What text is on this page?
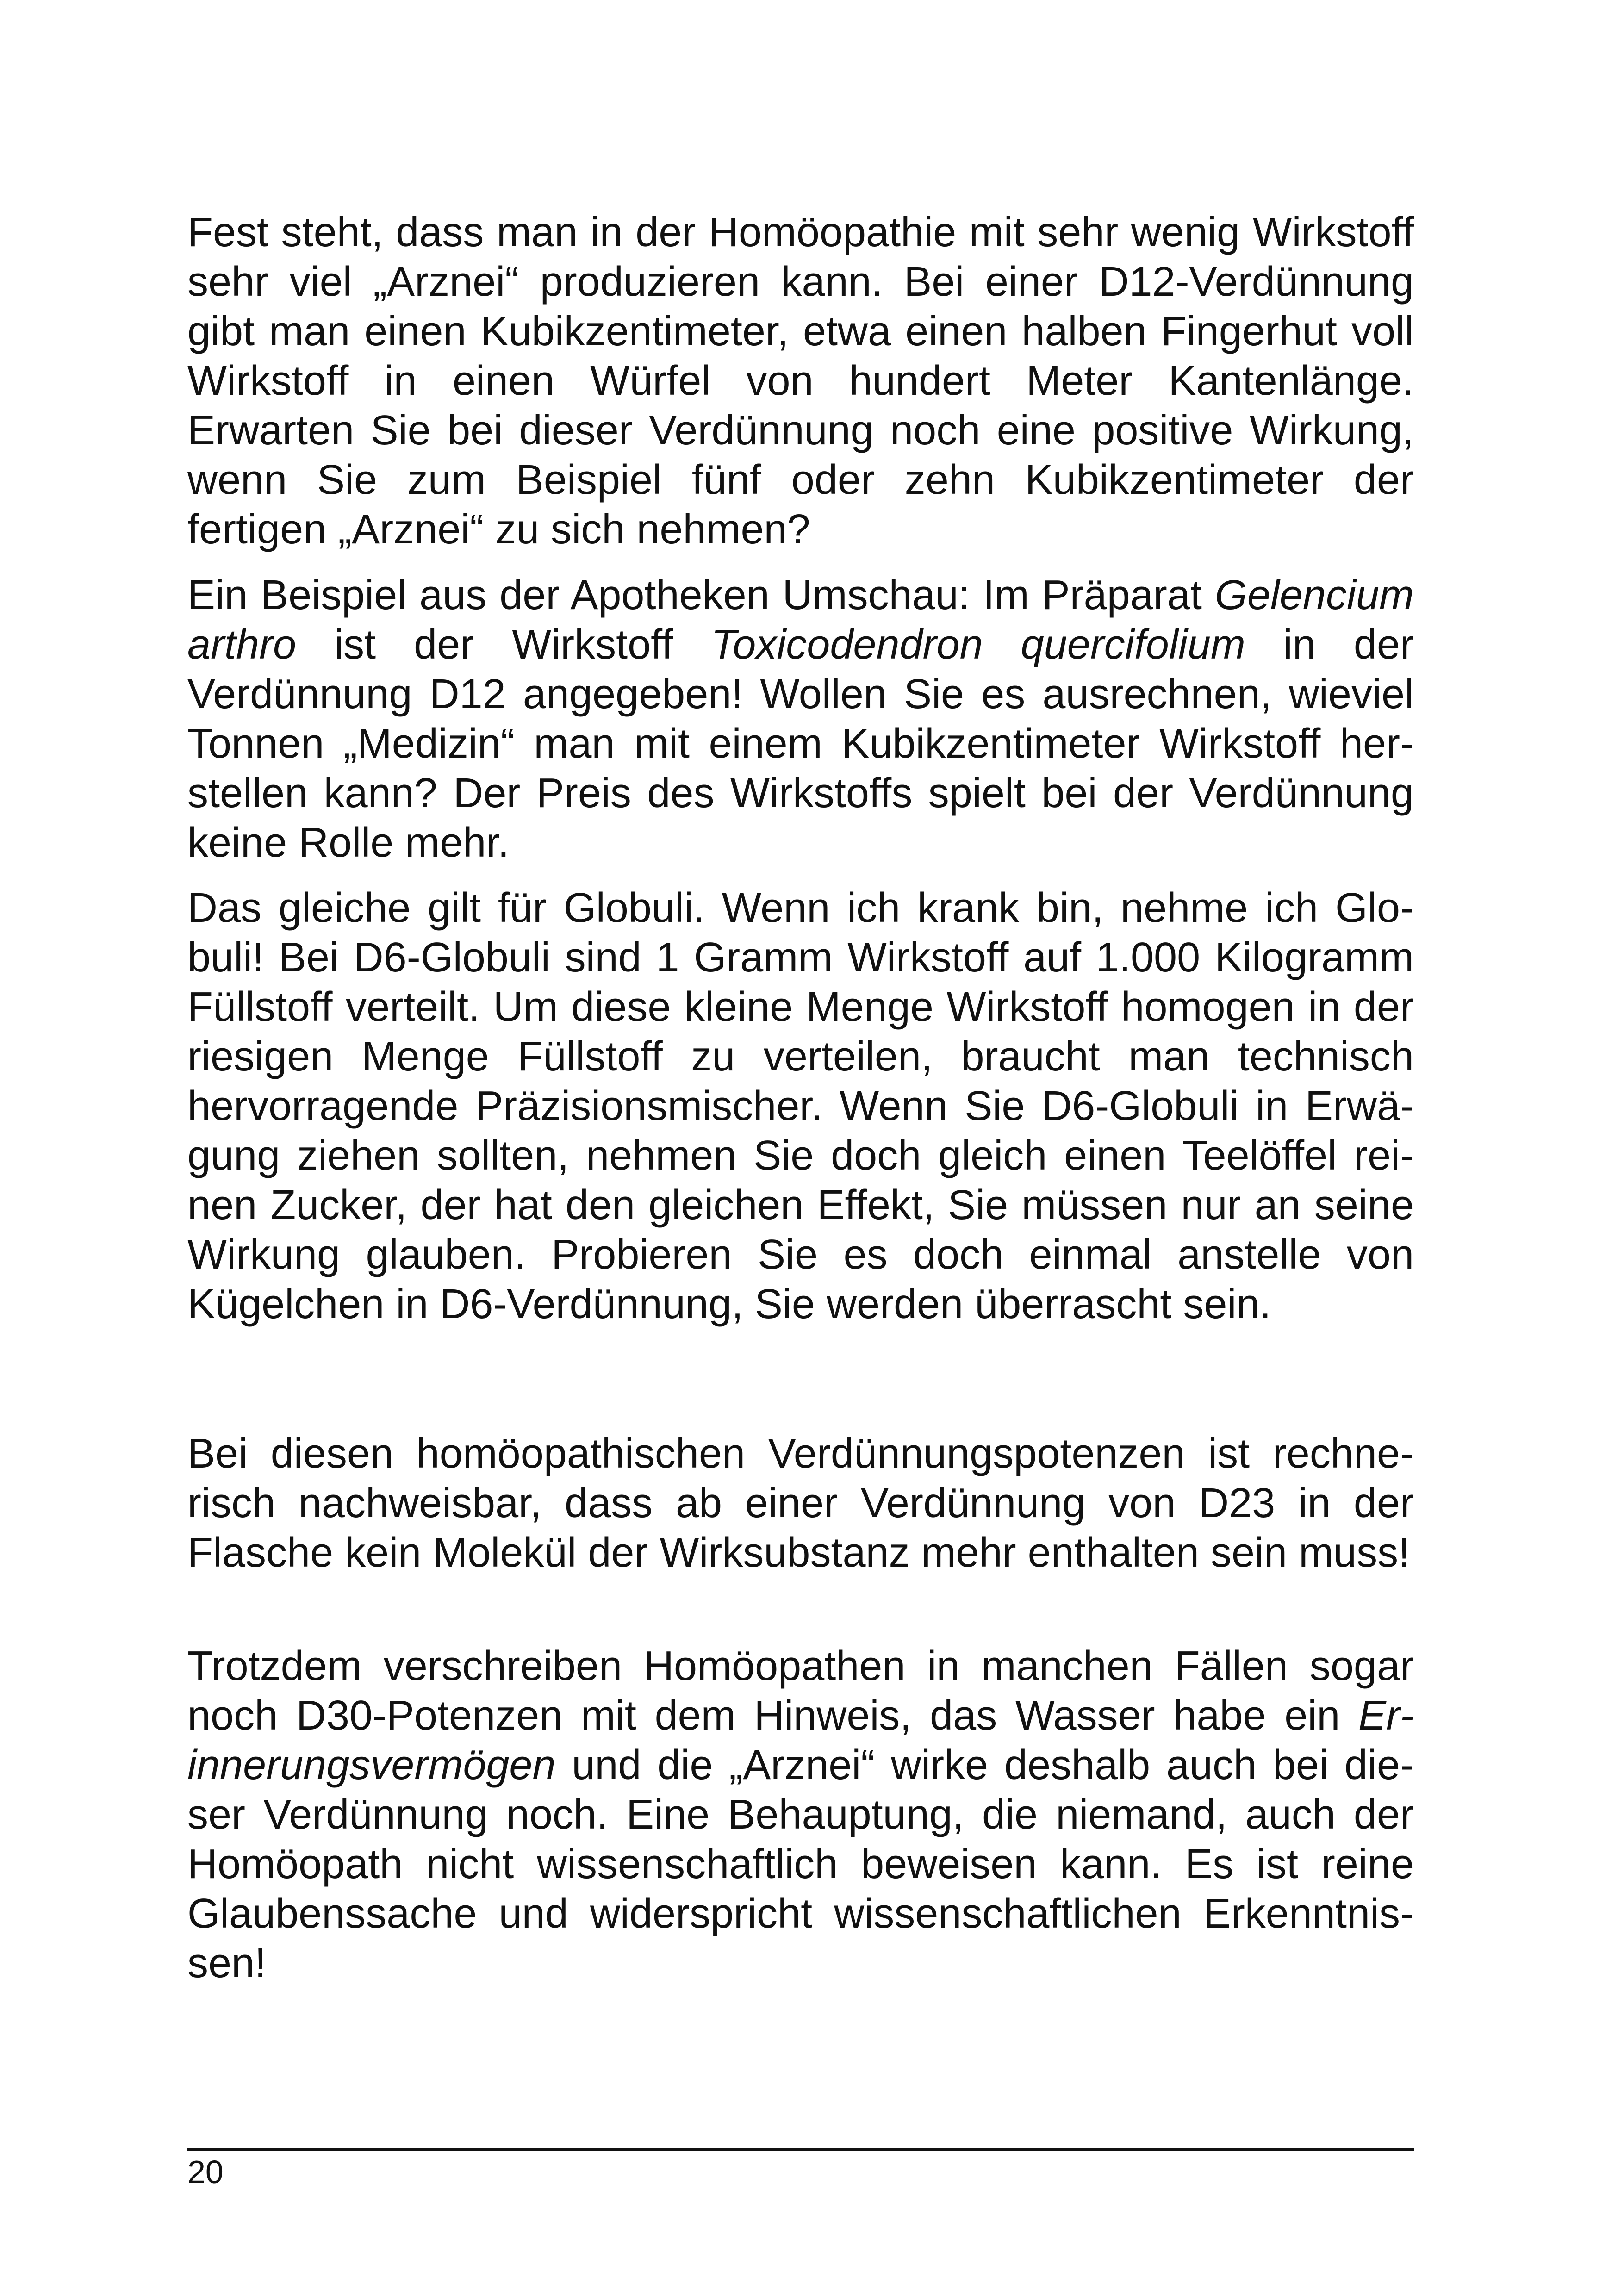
Fest steht, dass man in der Homöopathie mit sehr wenig Wirkstoff sehr viel „Arznei“ produzieren kann. Bei einer D12-Verdünnung gibt man einen Kubikzentimeter, etwa einen halben Fingerhut voll Wirkstoff in einen Würfel von hundert Meter Kantenlänge. Erwarten Sie bei dieser Verdünnung noch eine positive Wirkung, wenn Sie zum Beispiel fünf oder zehn Kubikzentimeter der fertigen „Arznei“ zu sich nehmen?

Ein Beispiel aus der Apotheken Umschau: Im Präparat Gelencium arthro ist der Wirkstoff Toxicodendron quercifolium in der Verdünnung D12 angegeben! Wollen Sie es ausrechnen, wieviel Tonnen „Medizin“ man mit einem Kubikzentimeter Wirkstoff herstellen kann? Der Preis des Wirkstoffs spielt bei der Verdünnung keine Rolle mehr.

Das gleiche gilt für Globuli. Wenn ich krank bin, nehme ich Globuli! Bei D6-Globuli sind 1 Gramm Wirkstoff auf 1.000 Kilogramm Füllstoff verteilt. Um diese kleine Menge Wirkstoff homogen in der riesigen Menge Füllstoff zu verteilen, braucht man technisch hervorragende Präzisionsmischer. Wenn Sie D6-Globuli in Erwägung ziehen sollten, nehmen Sie doch gleich einen Teelöffel reinen Zucker, der hat den gleichen Effekt, Sie müssen nur an seine Wirkung glauben. Probieren Sie es doch einmal anstelle von Kügelchen in D6-Verdünnung, Sie werden überrascht sein.

Bei diesen homöopathischen Verdünnungspotenzen ist rechnerisch nachweisbar, dass ab einer Verdünnung von D23 in der Flasche kein Molekül der Wirksubstanz mehr enthalten sein muss!

Trotzdem verschreiben Homöopathen in manchen Fällen sogar noch D30-Potenzen mit dem Hinweis, das Wasser habe ein Erinnerungsvermögen und die „Arznei“ wirke deshalb auch bei dieser Verdünnung noch. Eine Behauptung, die niemand, auch der Homöopath nicht wissenschaftlich beweisen kann. Es ist reine Glaubenssache und widerspricht wissenschaftlichen Erkenntnissen!

20
